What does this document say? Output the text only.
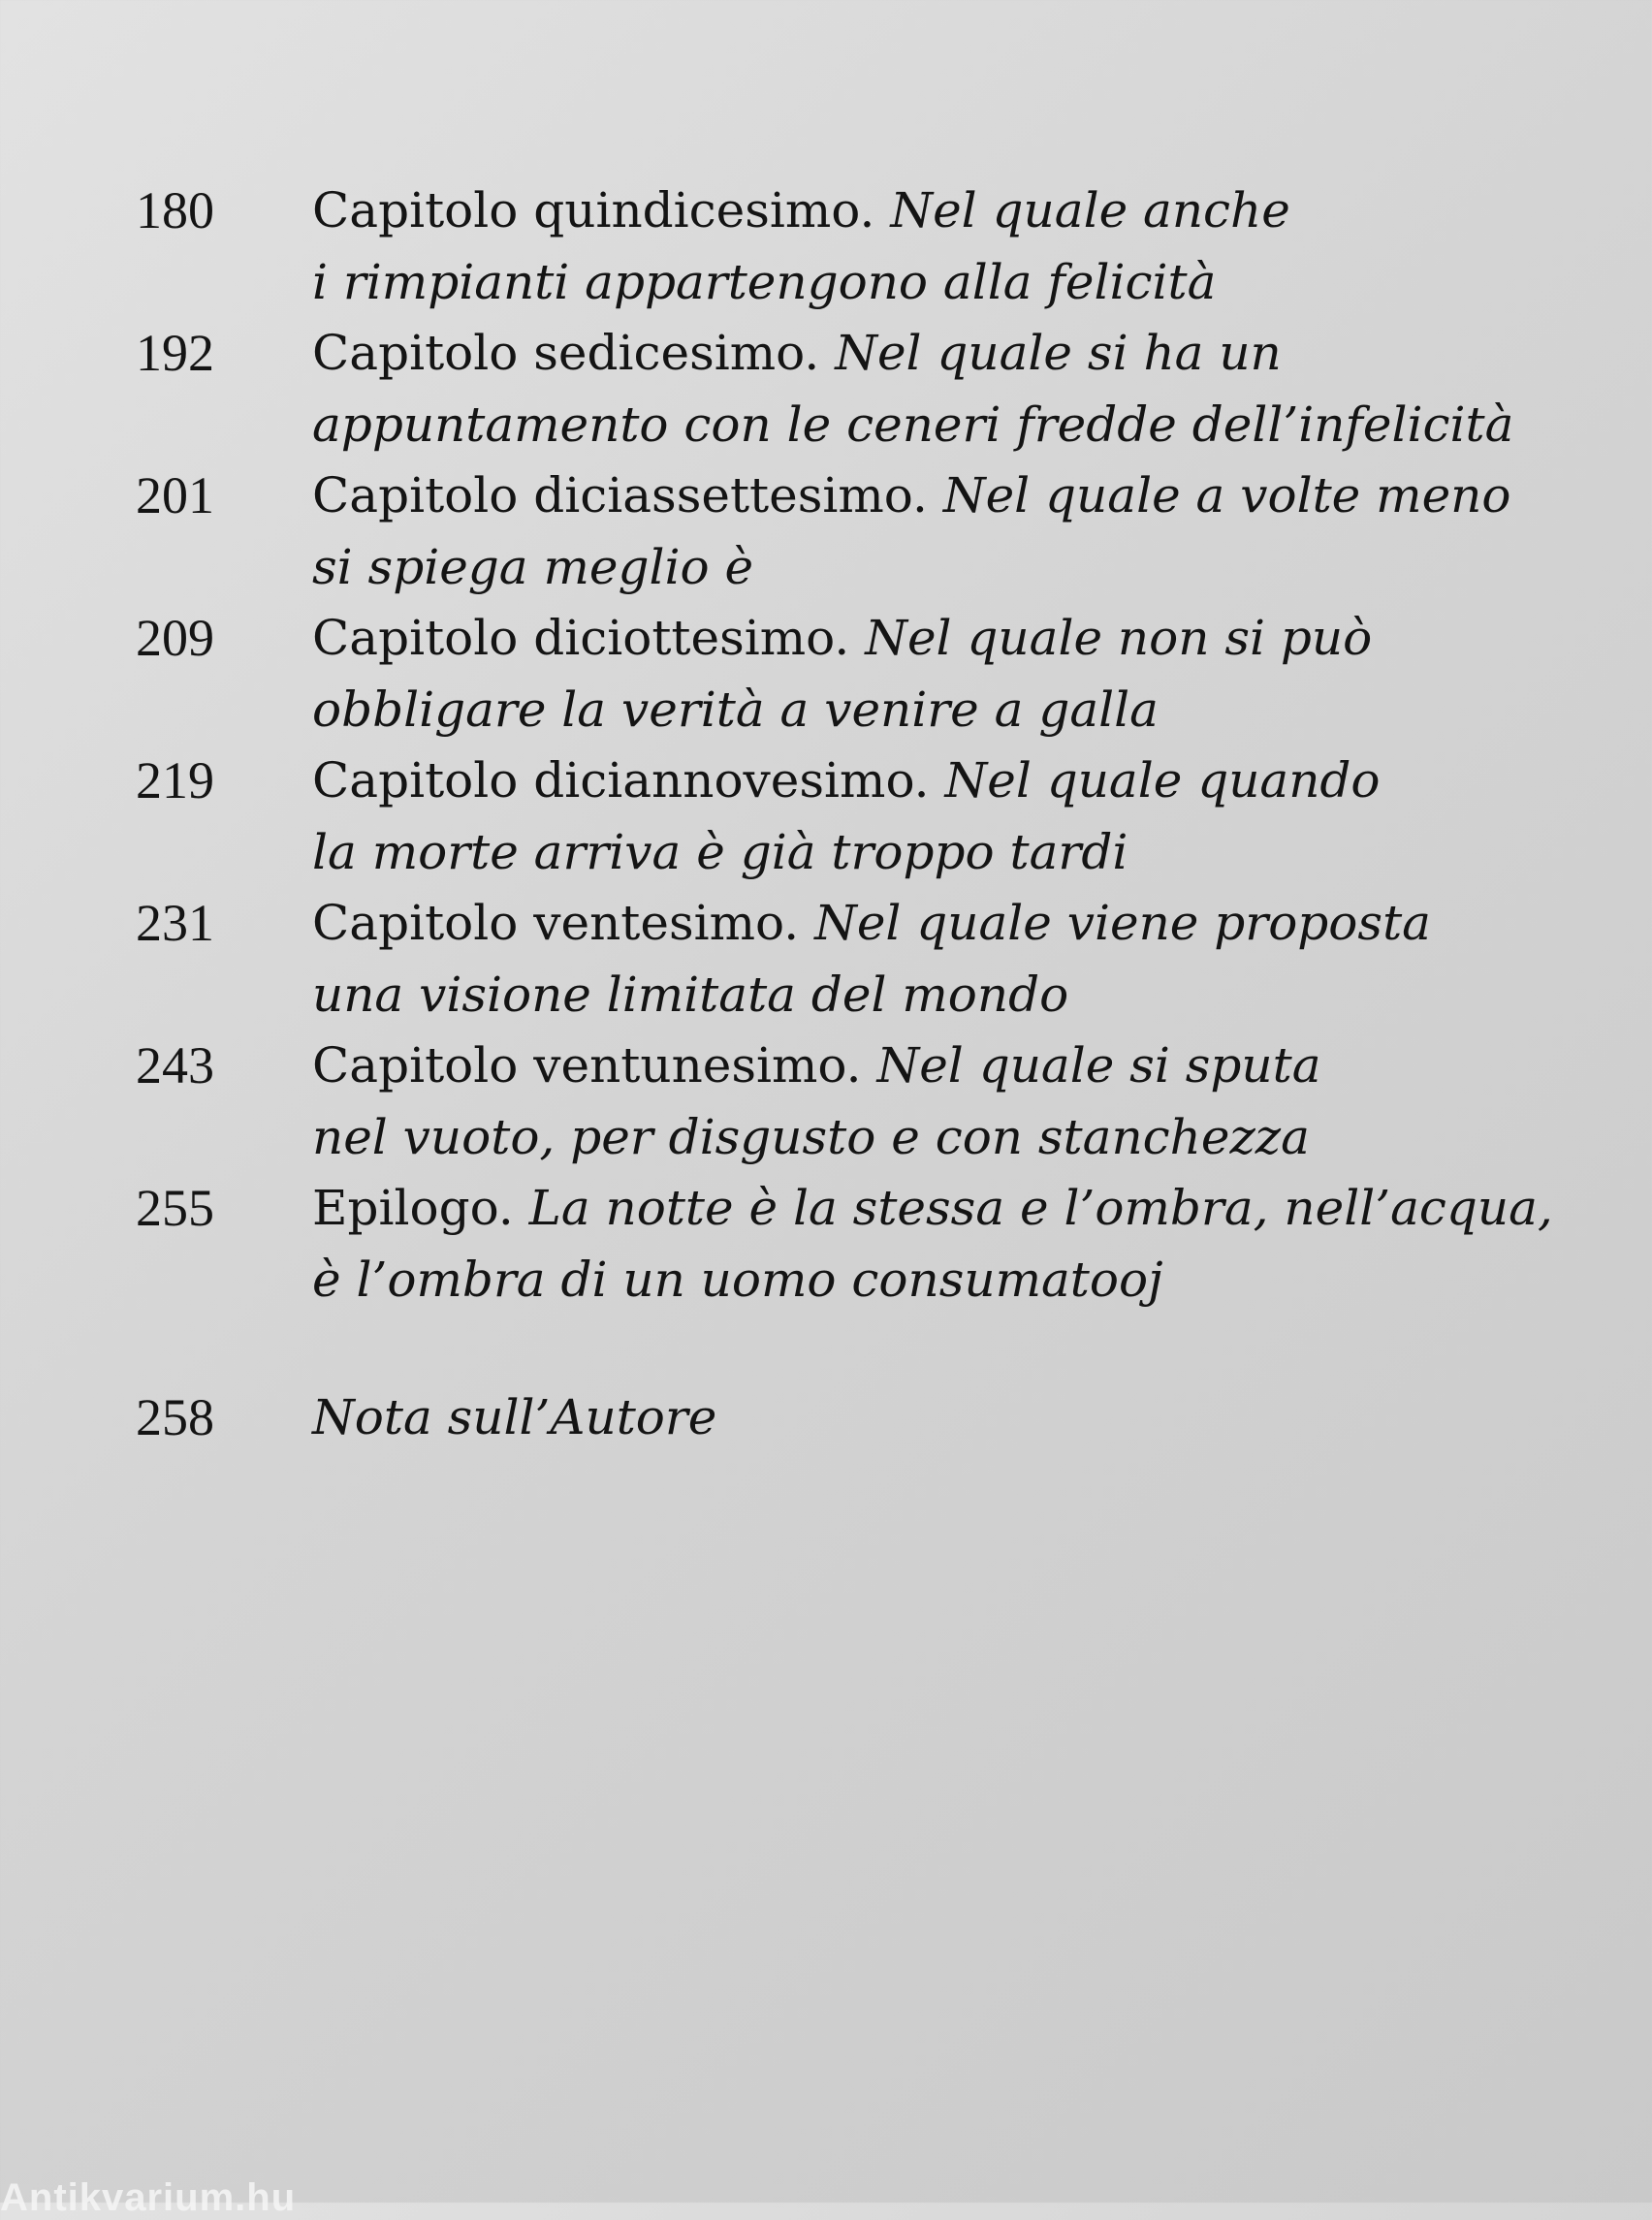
180	Capitolo quindicesimo. Nel quale anche
i rimpianti appartengono alla felicità
192	Capitolo sedicesimo. Nel quale si ha un
appuntamento con le ceneri fredde dell’infelicità
201	Capitolo diciassettesimo. Nel quale a volte meno
si spiega meglio è
209	Capitolo diciottesimo. Nel quale non si può
obbligare la verità a venire a galla
219	Capitolo diciannovesimo. Nel quale quando
la morte arriva è già troppo tardi
231	Capitolo ventesimo. Nel quale viene proposta
una visione limitata del mondo
243	Capitolo ventunesimo. Nel quale si sputa
nel vuoto, per disgusto e con stanchezza
255	Epilogo. La notte è la stessa e l’ombra, nell’acqua,
è l’ombra di un uomo consumatooj
258	Nota sull’Autore
Antikvarium.hu
